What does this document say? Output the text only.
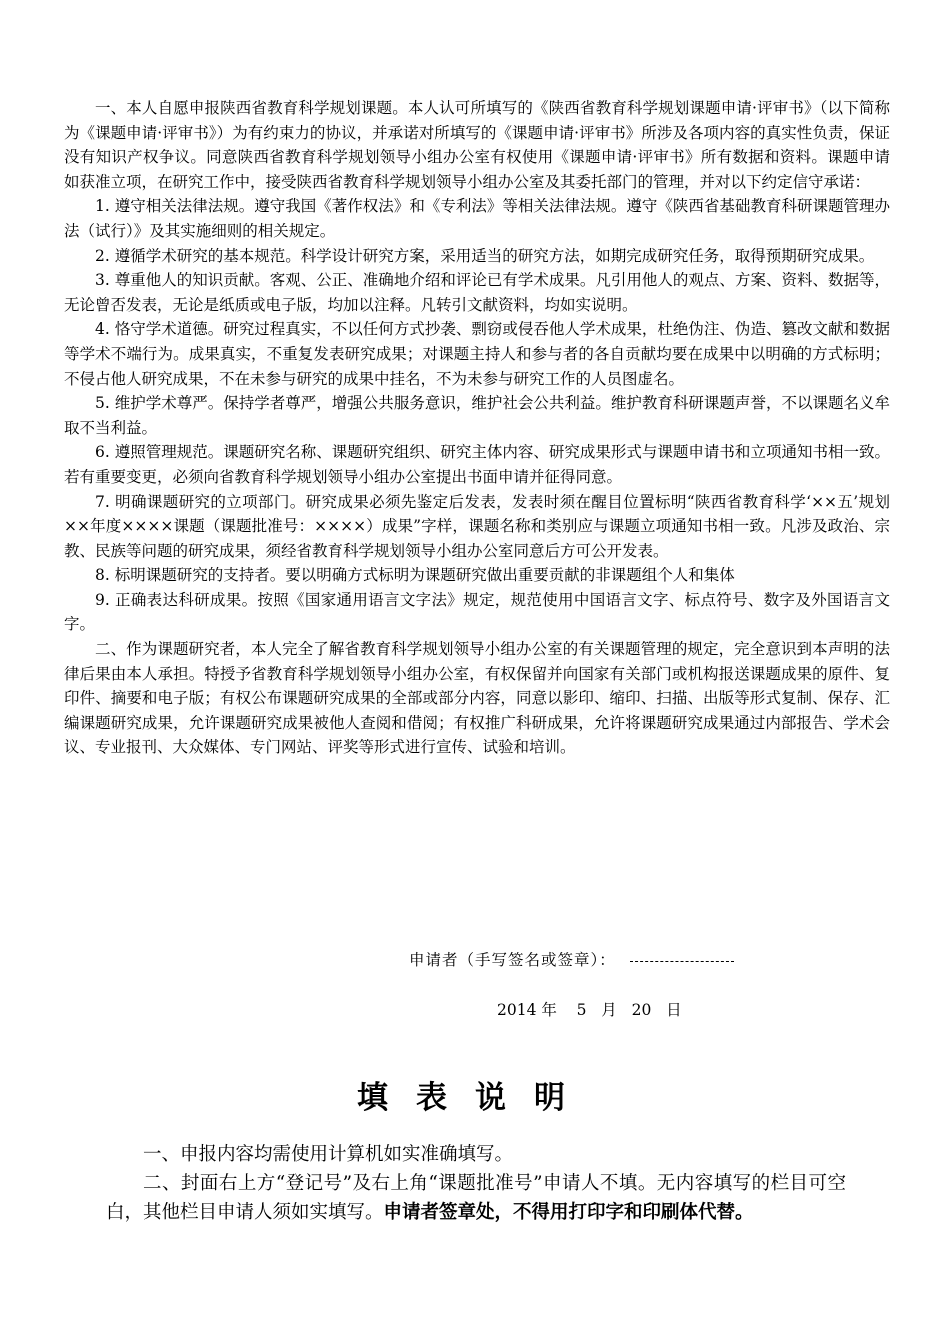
一、本人自愿申报陕西省教育科学规划课题。本人认可所填写的《陕西省教育科学规划课题申请·评审书》（以下简称为《课题申请·评审书》）为有约束力的协议，并承诺对所填写的《课题申请·评审书》所涉及各项内容的真实性负责，保证没有知识产权争议。同意陕西省教育科学规划领导小组办公室有权使用《课题申请·评审书》所有数据和资料。课题申请如获准立项，在研究工作中，接受陕西省教育科学规划领导小组办公室及其委托部门的管理，并对以下约定信守承诺：

1. 遵守相关法律法规。遵守我国《著作权法》和《专利法》等相关法律法规。遵守《陕西省基础教育科研课题管理办法（试行）》及其实施细则的相关规定。

2. 遵循学术研究的基本规范。科学设计研究方案，采用适当的研究方法，如期完成研究任务，取得预期研究成果。

3. 尊重他人的知识贡献。客观、公正、准确地介绍和评论已有学术成果。凡引用他人的观点、方案、资料、数据等，无论曾否发表，无论是纸质或电子版，均加以注释。凡转引文献资料，均如实说明。

4. 恪守学术道德。研究过程真实，不以任何方式抄袭、剽窃或侵吞他人学术成果，杜绝伪注、伪造、篡改文献和数据等学术不端行为。成果真实，不重复发表研究成果；对课题主持人和参与者的各自贡献均要在成果中以明确的方式标明；不侵占他人研究成果，不在未参与研究的成果中挂名，不为未参与研究工作的人员图虚名。

5. 维护学术尊严。保持学者尊严，增强公共服务意识，维护社会公共利益。维护教育科研课题声誉，不以课题名义牟取不当利益。

6. 遵照管理规范。课题研究名称、课题研究组织、研究主体内容、研究成果形式与课题申请书和立项通知书相一致。若有重要变更，必须向省教育科学规划领导小组办公室提出书面申请并征得同意。

7. 明确课题研究的立项部门。研究成果必须先鉴定后发表，发表时须在醒目位置标明“陕西省教育科学‘××五’规划××年度××××课题（课题批准号：××××）成果”字样，课题名称和类别应与课题立项通知书相一致。凡涉及政治、宗教、民族等问题的研究成果，须经省教育科学规划领导小组办公室同意后方可公开发表。

8. 标明课题研究的支持者。要以明确方式标明为课题研究做出重要贡献的非课题组个人和集体

9. 正确表达科研成果。按照《国家通用语言文字法》规定，规范使用中国语言文字、标点符号、数字及外国语言文字。

二、作为课题研究者，本人完全了解省教育科学规划领导小组办公室的有关课题管理的规定，完全意识到本声明的法律后果由本人承担。特授予省教育科学规划领导小组办公室，有权保留并向国家有关部门或机构报送课题成果的原件、复印件、摘要和电子版；有权公布课题研究成果的全部或部分内容，同意以影印、缩印、扫描、出版等形式复制、保存、汇编课题研究成果，允许课题研究成果被他人查阅和借阅；有权推广科研成果，允许将课题研究成果通过内部报告、学术会议、专业报刊、大众媒体、专门网站、评奖等形式进行宣传、试验和培训。

申请者（手写签名或签章）：
2014 年 5 月 20 日
填表说明

一、申报内容均需使用计算机如实准确填写。

二、封面右上方“登记号”及右上角“课题批准号”申请人不填。无内容填写的栏目可空白，其他栏目申请人须如实填写。申请者签章处，不得用打印字和印刷体代替。
